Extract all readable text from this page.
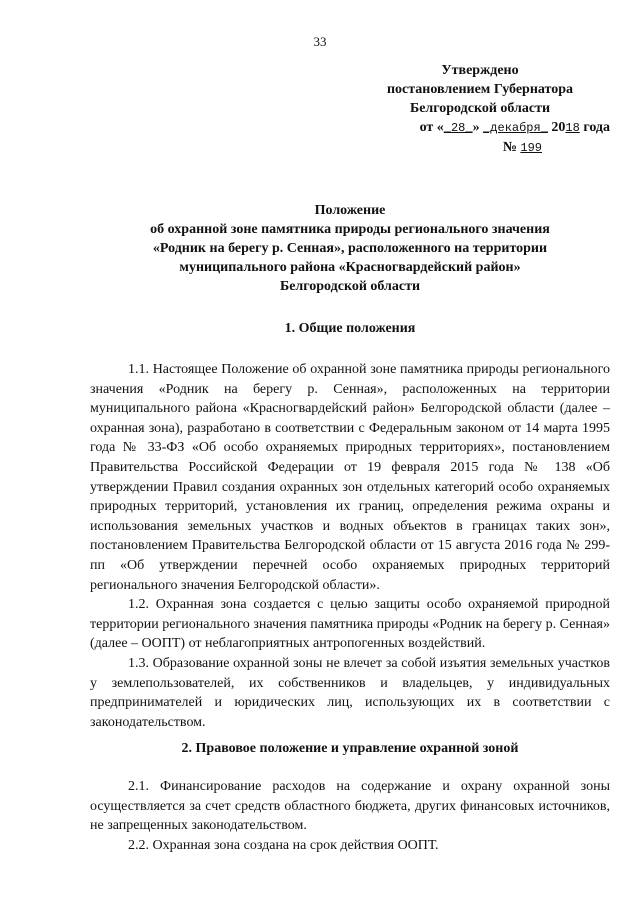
33
Утверждено
постановлением Губернатора
Белгородской области
от «_28_» _декабря_ 2018 года
№ 199
Положение
об охранной зоне памятника природы регионального значения
«Родник на берегу р. Сенная», расположенного на территории
муниципального района «Красногвардейский район»
Белгородской области
1. Общие положения

1.1. Настоящее Положение об охранной зоне памятника природы регионального значения «Родник на берегу р. Сенная», расположенных на территории муниципального района «Красногвардейский район» Белгородской области (далее – охранная зона), разработано в соответствии с Федеральным законом от 14 марта 1995 года № 33-ФЗ «Об особо охраняемых природных территориях», постановлением Правительства Российской Федерации от 19 февраля 2015 года № 138 «Об утверждении Правил создания охранных зон отдельных категорий особо охраняемых природных территорий, установления их границ, определения режима охраны и использования земельных участков и водных объектов в границах таких зон», постановлением Правительства Белгородской области от 15 августа 2016 года № 299-пп «Об утверждении перечней особо охраняемых природных территорий регионального значения Белгородской области».

1.2. Охранная зона создается с целью защиты особо охраняемой природной территории регионального значения памятника природы «Родник на берегу р. Сенная» (далее – ООПТ) от неблагоприятных антропогенных воздействий.

1.3. Образование охранной зоны не влечет за собой изъятия земельных участков у землепользователей, их собственников и владельцев, у индивидуальных предпринимателей и юридических лиц, использующих их в соответствии с законодательством.

2. Правовое положение и управление охранной зоной

2.1. Финансирование расходов на содержание и охрану охранной зоны осуществляется за счет средств областного бюджета, других финансовых источников, не запрещенных законодательством.

2.2. Охранная зона создана на срок действия ООПТ.
